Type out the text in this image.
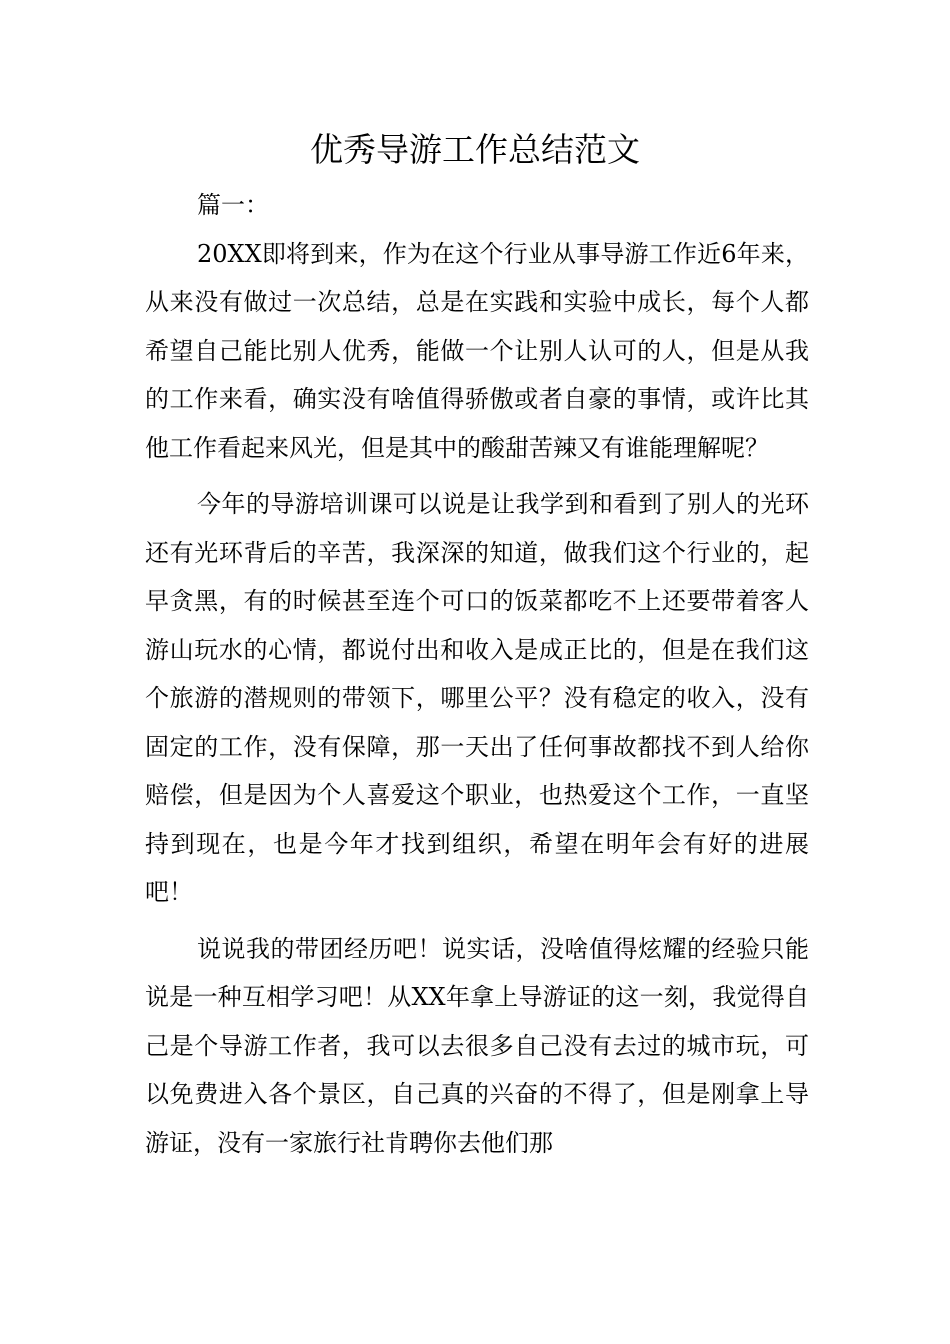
优秀导游工作总结范文

篇一：

20XX即将到来，作为在这个行业从事导游工作近6年来，从来没有做过一次总结，总是在实践和实验中成长，每个人都希望自己能比别人优秀，能做一个让别人认可的人，但是从我的工作来看，确实没有啥值得骄傲或者自豪的事情，或许比其他工作看起来风光，但是其中的酸甜苦辣又有谁能理解呢？

今年的导游培训课可以说是让我学到和看到了别人的光环还有光环背后的辛苦，我深深的知道，做我们这个行业的，起早贪黑，有的时候甚至连个可口的饭菜都吃不上还要带着客人游山玩水的心情，都说付出和收入是成正比的，但是在我们这个旅游的潜规则的带领下，哪里公平？没有稳定的收入，没有固定的工作，没有保障，那一天出了任何事故都找不到人给你赔偿，但是因为个人喜爱这个职业，也热爱这个工作，一直坚持到现在，也是今年才找到组织，希望在明年会有好的进展吧！

说说我的带团经历吧！说实话，没啥值得炫耀的经验只能说是一种互相学习吧！从XX年拿上导游证的这一刻，我觉得自己是个导游工作者，我可以去很多自己没有去过的城市玩，可以免费进入各个景区，自己真的兴奋的不得了，但是刚拿上导游证，没有一家旅行社肯聘你去他们那
